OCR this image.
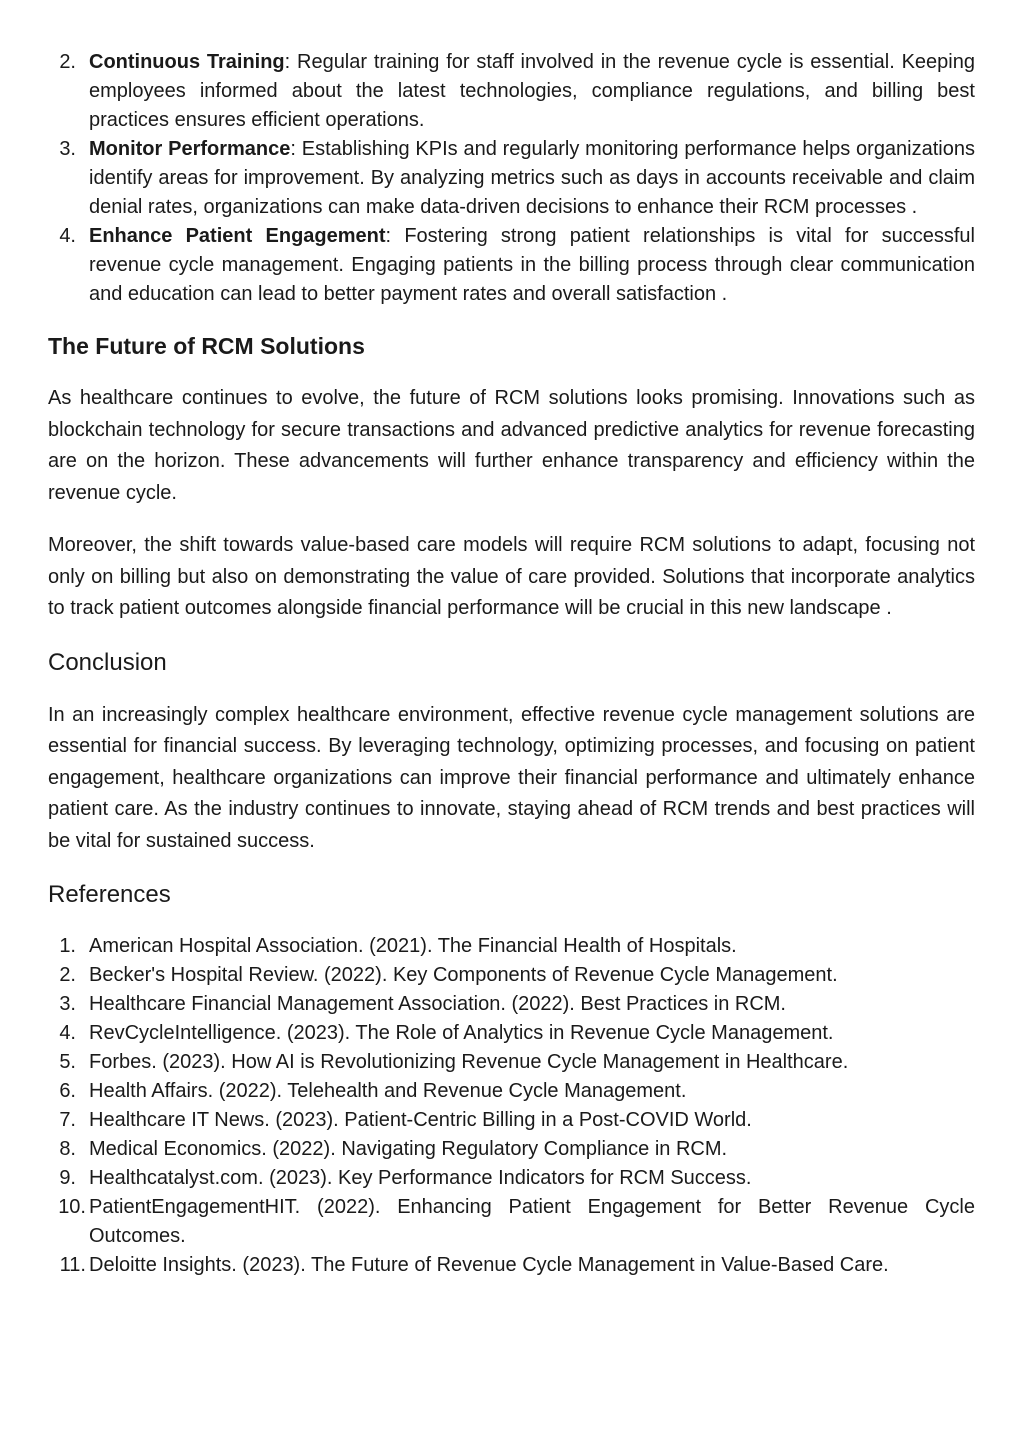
2. Continuous Training: Regular training for staff involved in the revenue cycle is essential. Keeping employees informed about the latest technologies, compliance regulations, and billing best practices ensures efficient operations.
3. Monitor Performance: Establishing KPIs and regularly monitoring performance helps organizations identify areas for improvement. By analyzing metrics such as days in accounts receivable and claim denial rates, organizations can make data-driven decisions to enhance their RCM processes .
4. Enhance Patient Engagement: Fostering strong patient relationships is vital for successful revenue cycle management. Engaging patients in the billing process through clear communication and education can lead to better payment rates and overall satisfaction .
The Future of RCM Solutions

As healthcare continues to evolve, the future of RCM solutions looks promising. Innovations such as blockchain technology for secure transactions and advanced predictive analytics for revenue forecasting are on the horizon. These advancements will further enhance transparency and efficiency within the revenue cycle.

Moreover, the shift towards value-based care models will require RCM solutions to adapt, focusing not only on billing but also on demonstrating the value of care provided. Solutions that incorporate analytics to track patient outcomes alongside financial performance will be crucial in this new landscape .

Conclusion

In an increasingly complex healthcare environment, effective revenue cycle management solutions are essential for financial success. By leveraging technology, optimizing processes, and focusing on patient engagement, healthcare organizations can improve their financial performance and ultimately enhance patient care. As the industry continues to innovate, staying ahead of RCM trends and best practices will be vital for sustained success.

References
1. American Hospital Association. (2021). The Financial Health of Hospitals.
2. Becker's Hospital Review. (2022). Key Components of Revenue Cycle Management.
3. Healthcare Financial Management Association. (2022). Best Practices in RCM.
4. RevCycleIntelligence. (2023). The Role of Analytics in Revenue Cycle Management.
5. Forbes. (2023). How AI is Revolutionizing Revenue Cycle Management in Healthcare.
6. Health Affairs. (2022). Telehealth and Revenue Cycle Management.
7. Healthcare IT News. (2023). Patient-Centric Billing in a Post-COVID World.
8. Medical Economics. (2022). Navigating Regulatory Compliance in RCM.
9. Healthcatalyst.com. (2023). Key Performance Indicators for RCM Success.
10. PatientEngagementHIT. (2022). Enhancing Patient Engagement for Better Revenue Cycle Outcomes.
11. Deloitte Insights. (2023). The Future of Revenue Cycle Management in Value-Based Care.
